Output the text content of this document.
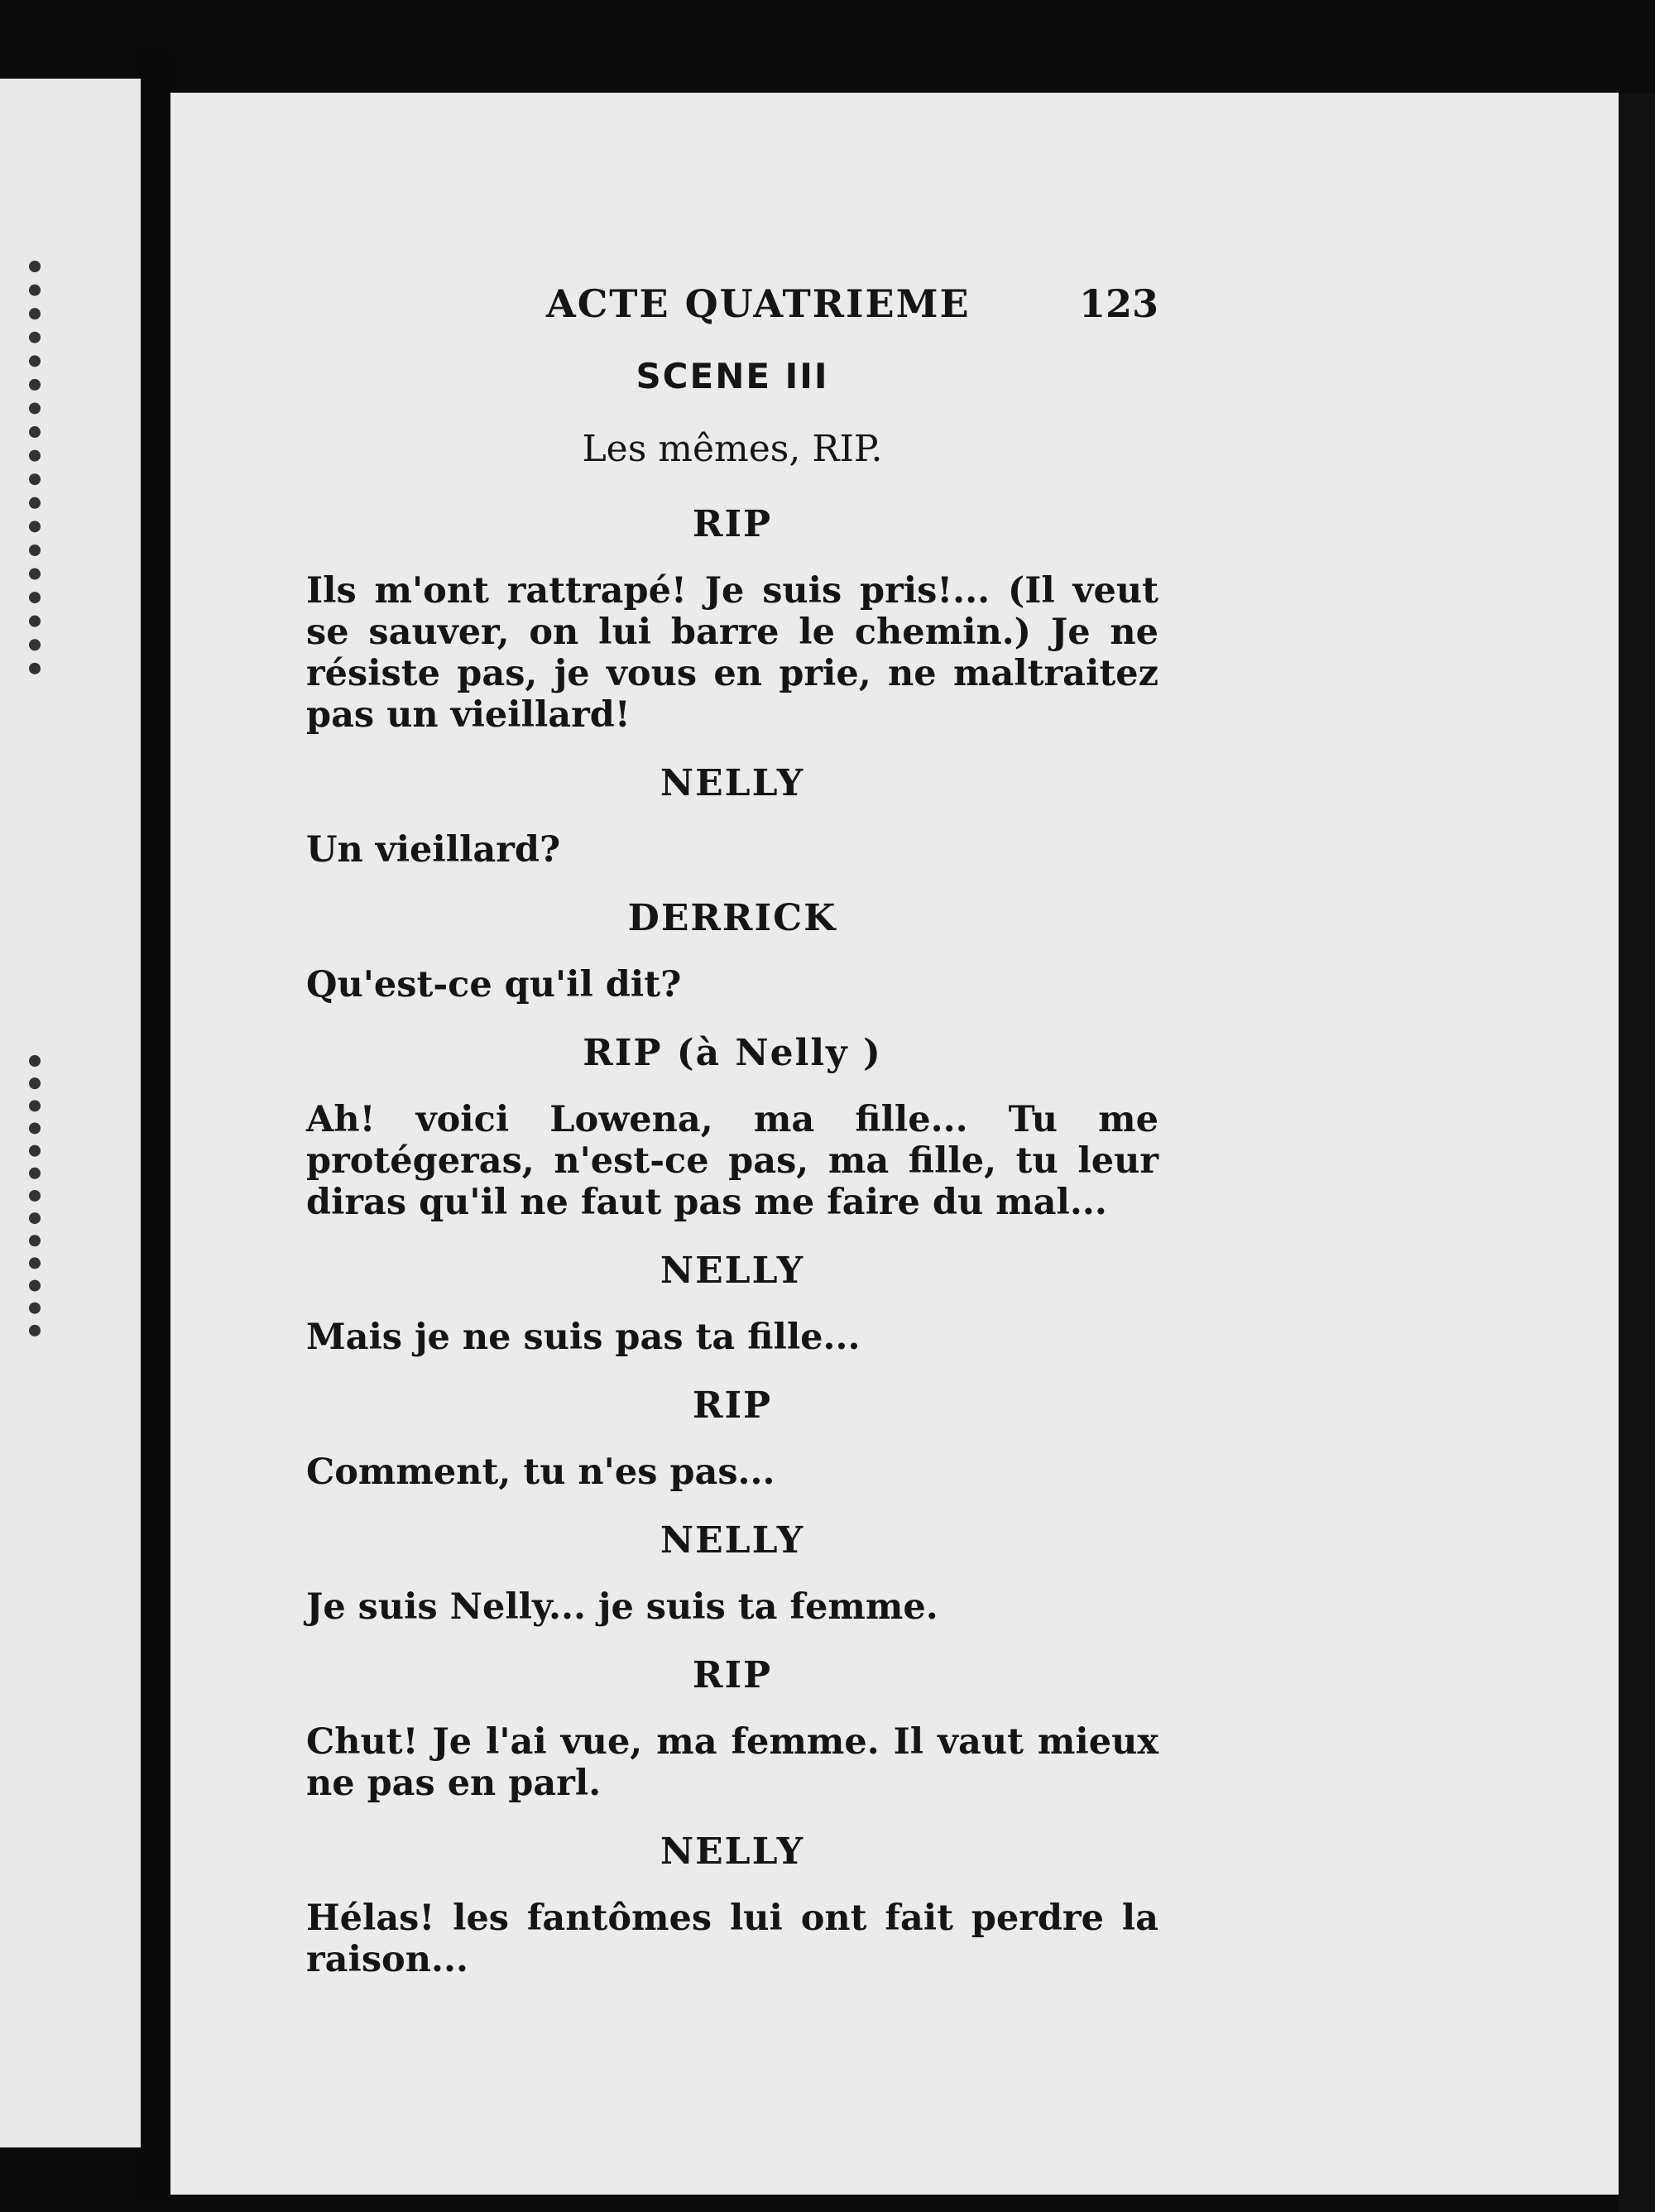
ACTE QUATRIEME	123
SCENE III
Les mêmes, RIP.
RIP

Ils m'ont rattrapé! Je suis pris!... (Il veut se sauver, on lui barre le chemin.) Je ne résiste pas, je vous en prie, ne maltraitez pas un vieillard!

NELLY

Un vieillard?

DERRICK

Qu'est-ce qu'il dit?

RIP (à Nelly )

Ah! voici Lowena, ma fille... Tu me protégeras, n'est-ce pas, ma fille, tu leur diras qu'il ne faut pas me faire du mal...

NELLY

Mais je ne suis pas ta fille...

RIP

Comment, tu n'es pas...

NELLY

Je suis Nelly... je suis ta femme.

RIP

Chut! Je l'ai vue, ma femme. Il vaut mieux ne pas en parl.

NELLY

Hélas! les fantômes lui ont fait perdre la raison...
